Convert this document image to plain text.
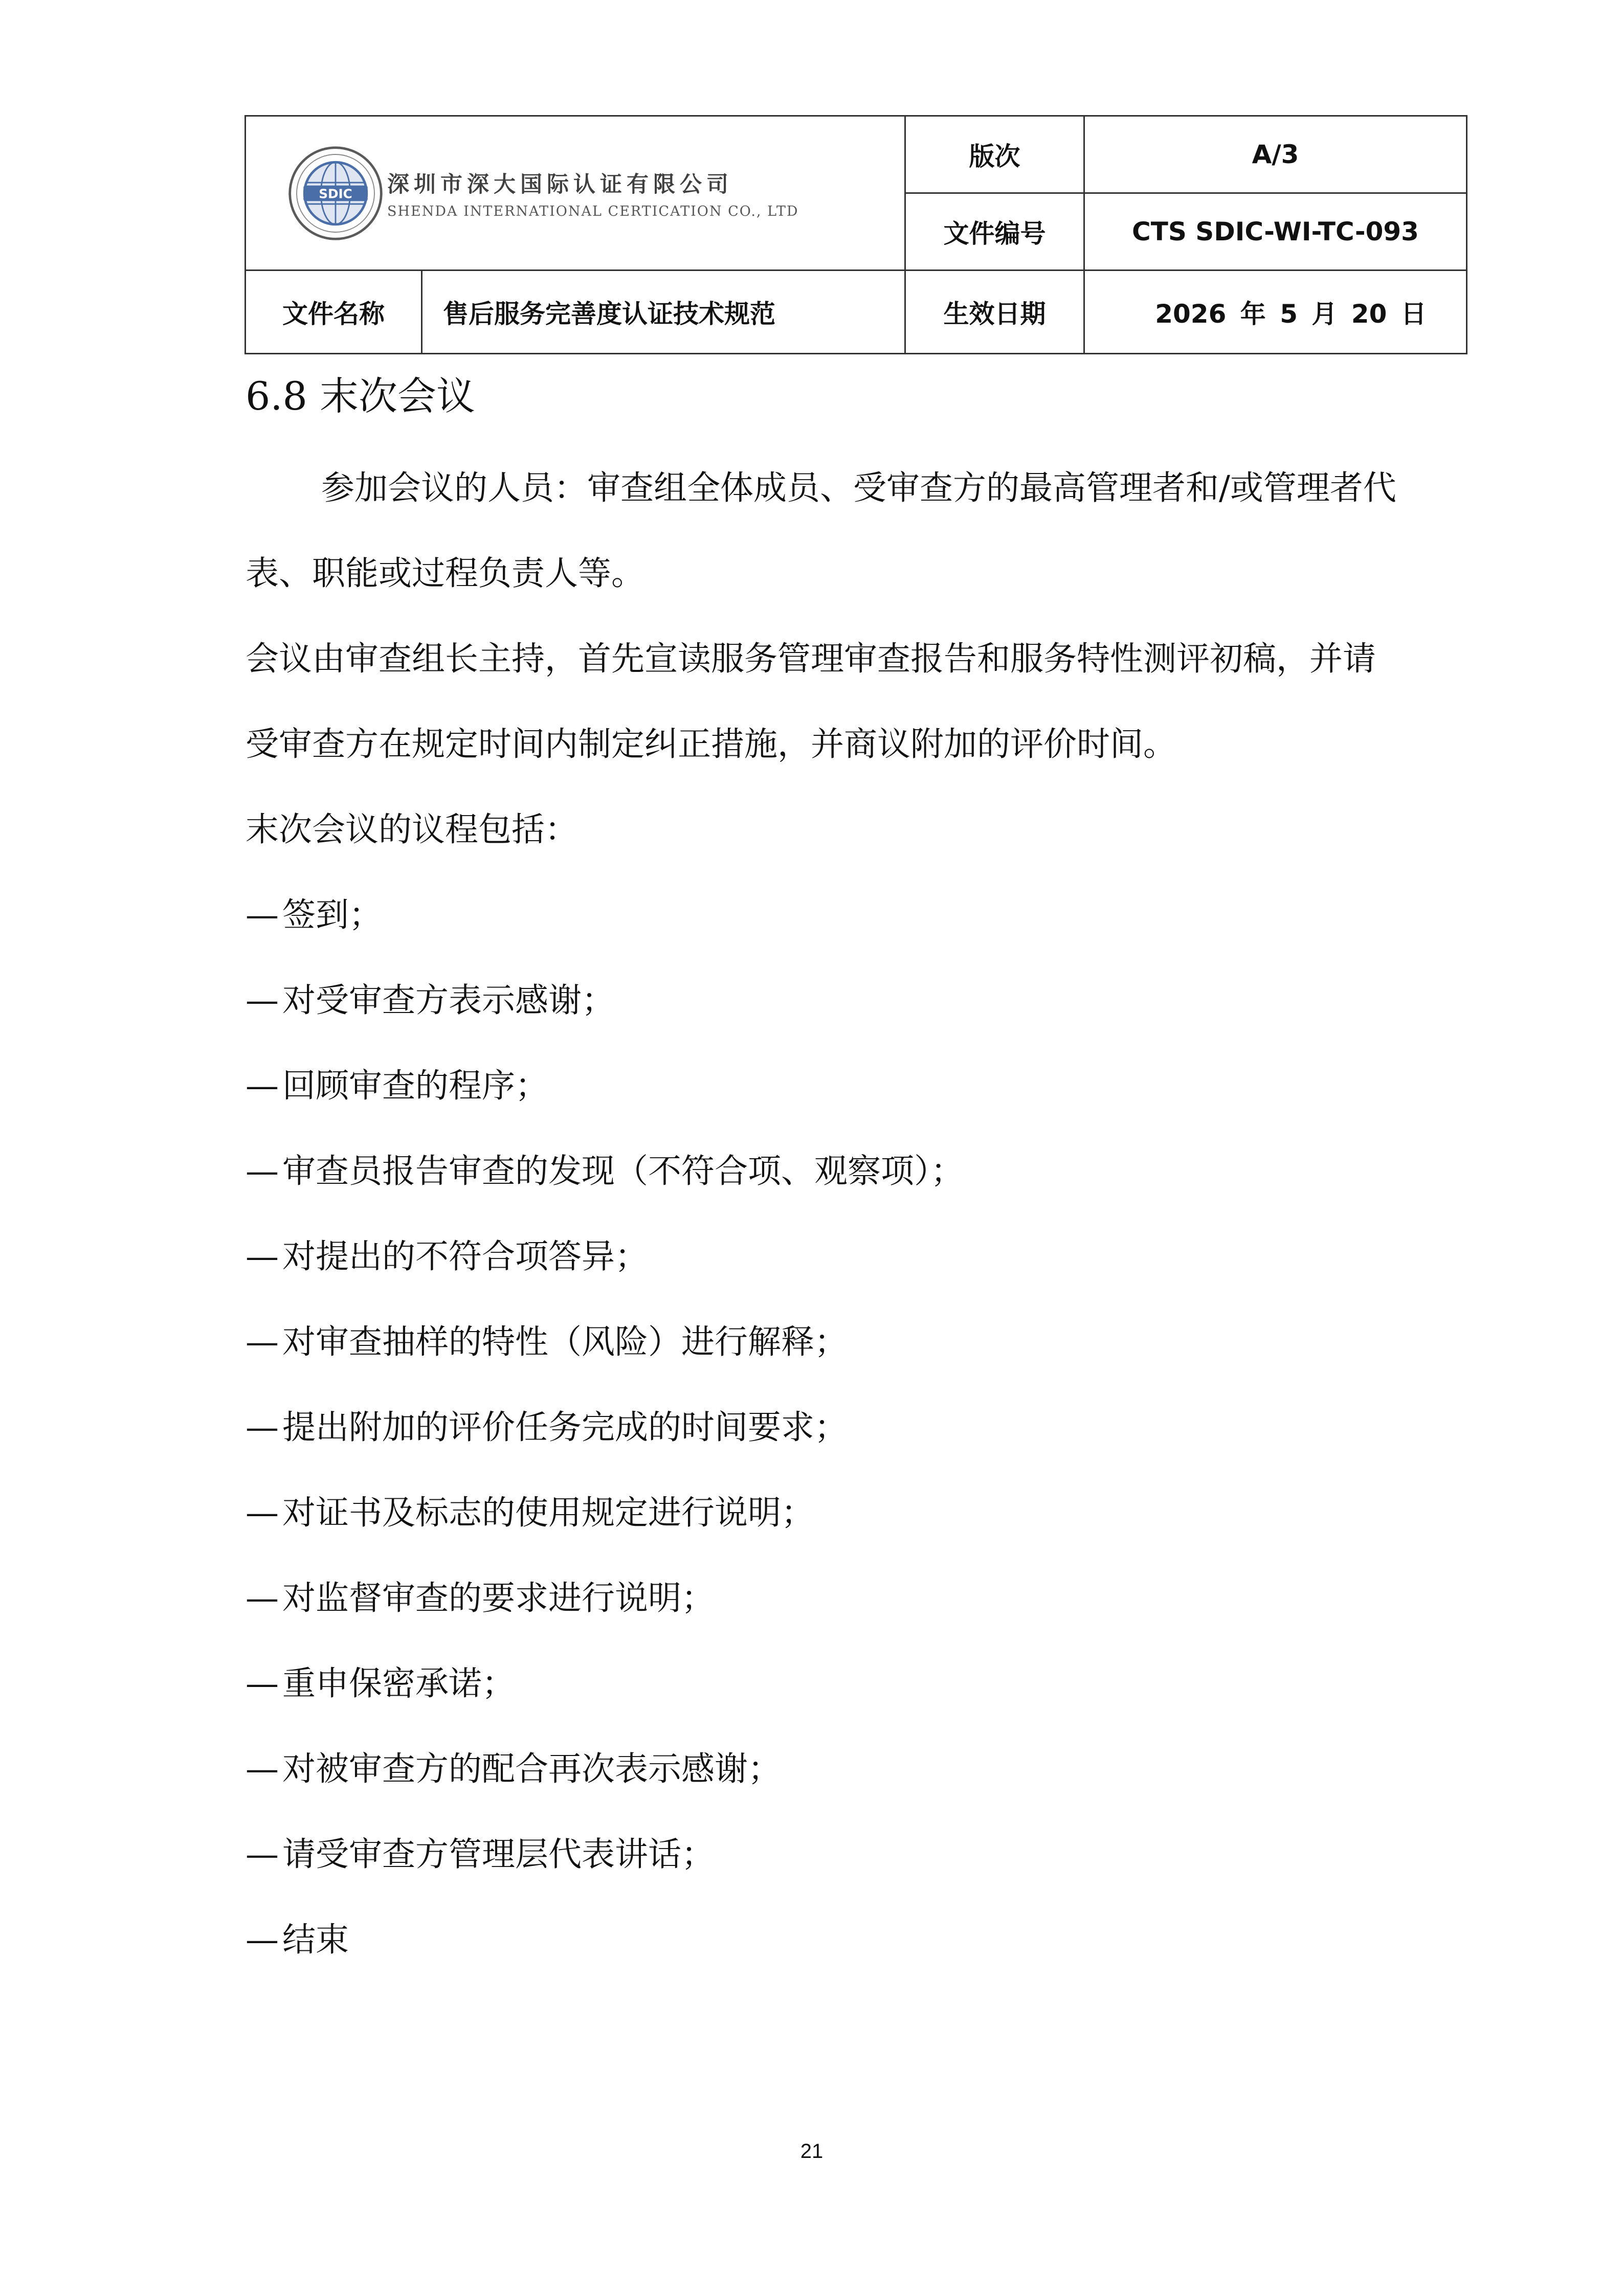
SDIC 深圳市深大国际认证有限公司
SHENDA INTERNATIONAL CERTICATION CO., LTD		版次	A/3
		文件编号	CTS SDIC-WI-TC-093
文件名称	售后服务完善度认证技术规范	生效日期	2026 年 5 月 20 日
6.8 末次会议

参加会议的人员：审查组全体成员、受审查方的最高管理者和/或管理者代表、职能或过程负责人等。

会议由审查组长主持，首先宣读服务管理审查报告和服务特性测评初稿，并请受审查方在规定时间内制定纠正措施，并商议附加的评价时间。

末次会议的议程包括：

— 签到；
— 对受审查方表示感谢；
— 回顾审查的程序；
— 审查员报告审查的发现（不符合项、观察项）；
— 对提出的不符合项答异；
— 对审查抽样的特性（风险）进行解释；
— 提出附加的评价任务完成的时间要求；
— 对证书及标志的使用规定进行说明；
— 对监督审查的要求进行说明；
— 重申保密承诺；
— 对被审查方的配合再次表示感谢；
— 请受审查方管理层代表讲话；
— 结束
21
